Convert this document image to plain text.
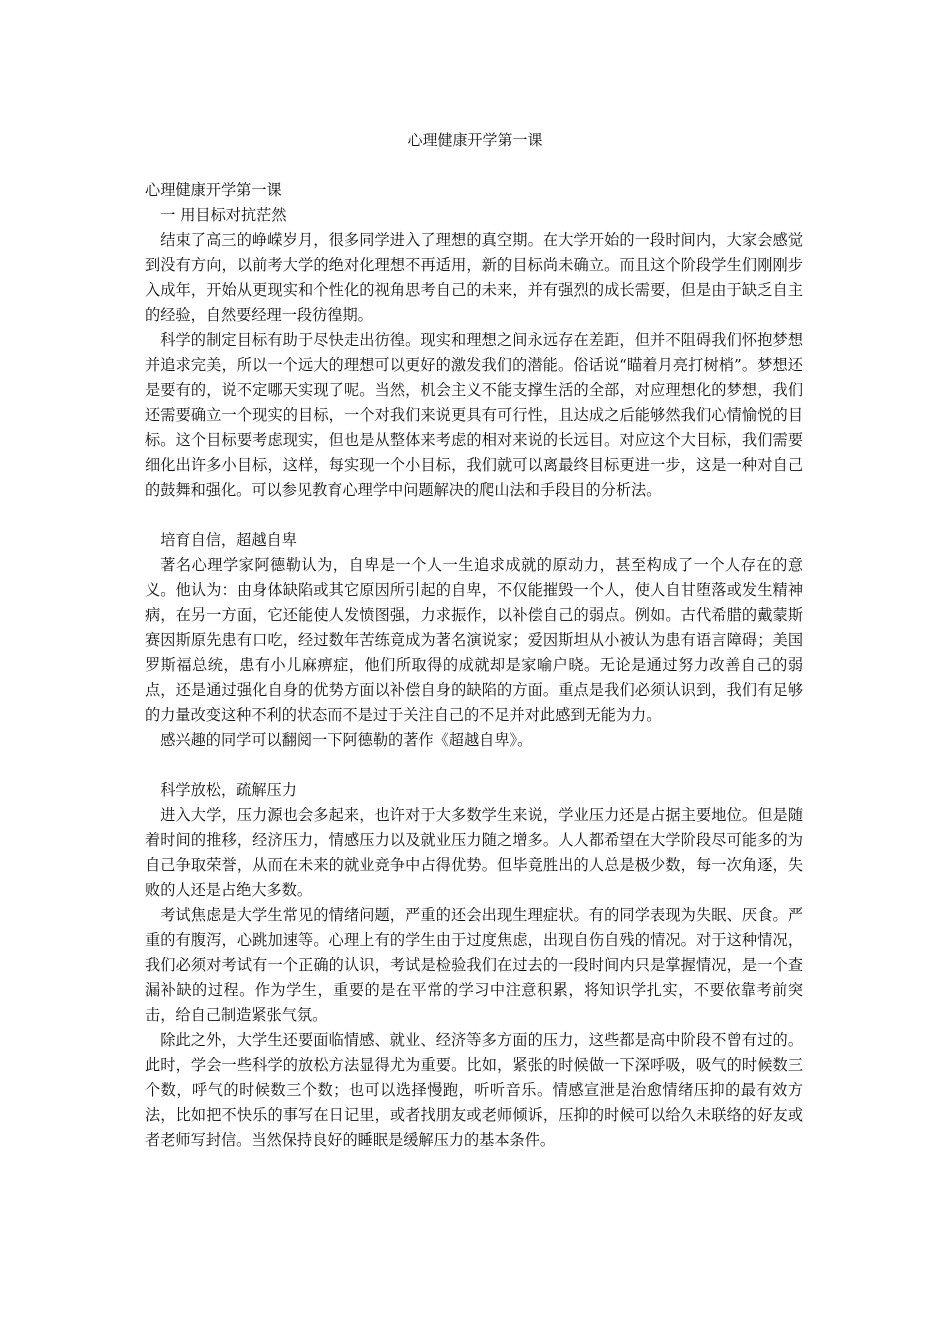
心理健康开学第一课

心理健康开学第一课

一 用目标对抗茫然

结束了高三的峥嵘岁月，很多同学进入了理想的真空期。在大学开始的一段时间内，大家会感觉到没有方向，以前考大学的绝对化理想不再适用，新的目标尚未确立。而且这个阶段学生们刚刚步入成年，开始从更现实和个性化的视角思考自己的未来，并有强烈的成长需要，但是由于缺乏自主的经验，自然要经理一段彷徨期。

科学的制定目标有助于尽快走出彷徨。现实和理想之间永远存在差距，但并不阻碍我们怀抱梦想并追求完美，所以一个远大的理想可以更好的激发我们的潜能。俗话说“瞄着月亮打树梢”。梦想还是要有的，说不定哪天实现了呢。当然，机会主义不能支撑生活的全部，对应理想化的梦想，我们还需要确立一个现实的目标，一个对我们来说更具有可行性，且达成之后能够然我们心情愉悦的目标。这个目标要考虑现实，但也是从整体来考虑的相对来说的长远目。对应这个大目标，我们需要细化出许多小目标，这样，每实现一个小目标，我们就可以离最终目标更进一步，这是一种对自己的鼓舞和强化。可以参见教育心理学中问题解决的爬山法和手段目的分析法。

培育自信，超越自卑

著名心理学家阿德勒认为，自卑是一个人一生追求成就的原动力，甚至构成了一个人存在的意义。他认为：由身体缺陷或其它原因所引起的自卑，不仅能摧毁一个人，使人自甘堕落或发生精神病，在另一方面，它还能使人发愤图强，力求振作，以补偿自己的弱点。例如。古代希腊的戴蒙斯赛因斯原先患有口吃，经过数年苦练竟成为著名演说家；爱因斯坦从小被认为患有语言障碍；美国罗斯福总统，患有小儿麻痹症，他们所取得的成就却是家喻户晓。无论是通过努力改善自己的弱点，还是通过强化自身的优势方面以补偿自身的缺陷的方面。重点是我们必须认识到，我们有足够的力量改变这种不利的状态而不是过于关注自己的不足并对此感到无能为力。

感兴趣的同学可以翻阅一下阿德勒的著作《超越自卑》。

科学放松，疏解压力

进入大学，压力源也会多起来，也许对于大多数学生来说，学业压力还是占据主要地位。但是随着时间的推移，经济压力，情感压力以及就业压力随之增多。人人都希望在大学阶段尽可能多的为自己争取荣誉，从而在未来的就业竞争中占得优势。但毕竟胜出的人总是极少数，每一次角逐，失败的人还是占绝大多数。

考试焦虑是大学生常见的情绪问题，严重的还会出现生理症状。有的同学表现为失眠、厌食。严重的有腹泻，心跳加速等。心理上有的学生由于过度焦虑，出现自伤自残的情况。对于这种情况，我们必须对考试有一个正确的认识，考试是检验我们在过去的一段时间内只是掌握情况，是一个查漏补缺的过程。作为学生，重要的是在平常的学习中注意积累，将知识学扎实，不要依靠考前突击，给自己制造紧张气氛。

除此之外，大学生还要面临情感、就业、经济等多方面的压力，这些都是高中阶段不曾有过的。此时，学会一些科学的放松方法显得尤为重要。比如，紧张的时候做一下深呼吸，吸气的时候数三个数，呼气的时候数三个数；也可以选择慢跑，听听音乐。情感宣泄是治愈情绪压抑的最有效方法，比如把不快乐的事写在日记里，或者找朋友或老师倾诉，压抑的时候可以给久未联络的好友或者老师写封信。当然保持良好的睡眠是缓解压力的基本条件。
